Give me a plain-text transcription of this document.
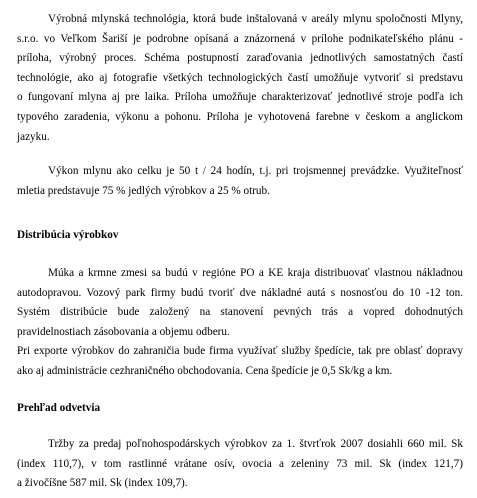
Výrobná mlynská technológia, ktorá bude inštalovaná v areály mlynu spoločnosti Mlyny,
s.r.o. vo Veľkom Šariší je podrobne opísaná a znázornená v prílohe podnikateľského plánu -
príloha, výrobný proces. Schéma postupností zaraďovania jednotlivých samostatných častí
technológie, ako aj fotografie všetkých technologických častí umožňuje vytvoriť si predstavu
o fungovaní mlyna aj pre laika. Príloha umožňuje charakterizovať jednotlivé stroje podľa ich
typového zaradenia, výkonu a pohonu. Príloha je vyhotovená farebne v českom a anglickom
jazyku.
Výkon mlynu ako celku je 50 t / 24 hodín, t.j. pri trojsmennej prevádzke. Využiteľnosť
mletia predstavuje 75 % jedlých výrobkov a 25 % otrub.
Distribúcia výrobkov
Múka a krmne zmesi sa budú v regióne PO a KE kraja distribuovať vlastnou nákladnou
autodopravou. Vozový park firmy budú tvoriť dve nákladné autá s nosnosťou do 10 -12 ton.
Systém distribúcie bude založený na stanovení pevných trás a vopred dohodnutých
pravidelnostiach zásobovania a objemu odberu.
Pri exporte výrobkov do zahraničia bude firma využívať služby špedície, tak pre oblasť dopravy
ako aj administrácie cezhraničného obchodovania. Cena špedície je 0,5 Sk/kg a km.
Prehľad odvetvia
Tržby za predaj poľnohospodárskych výrobkov za 1. štvrťrok 2007 dosiahli 660 mil. Sk
(index 110,7), v tom rastlinné vrátane osív, ovocia a zeleniny 73 mil. Sk (index 121,7)
a živočíšne 587 mil. Sk (index 109,7).
